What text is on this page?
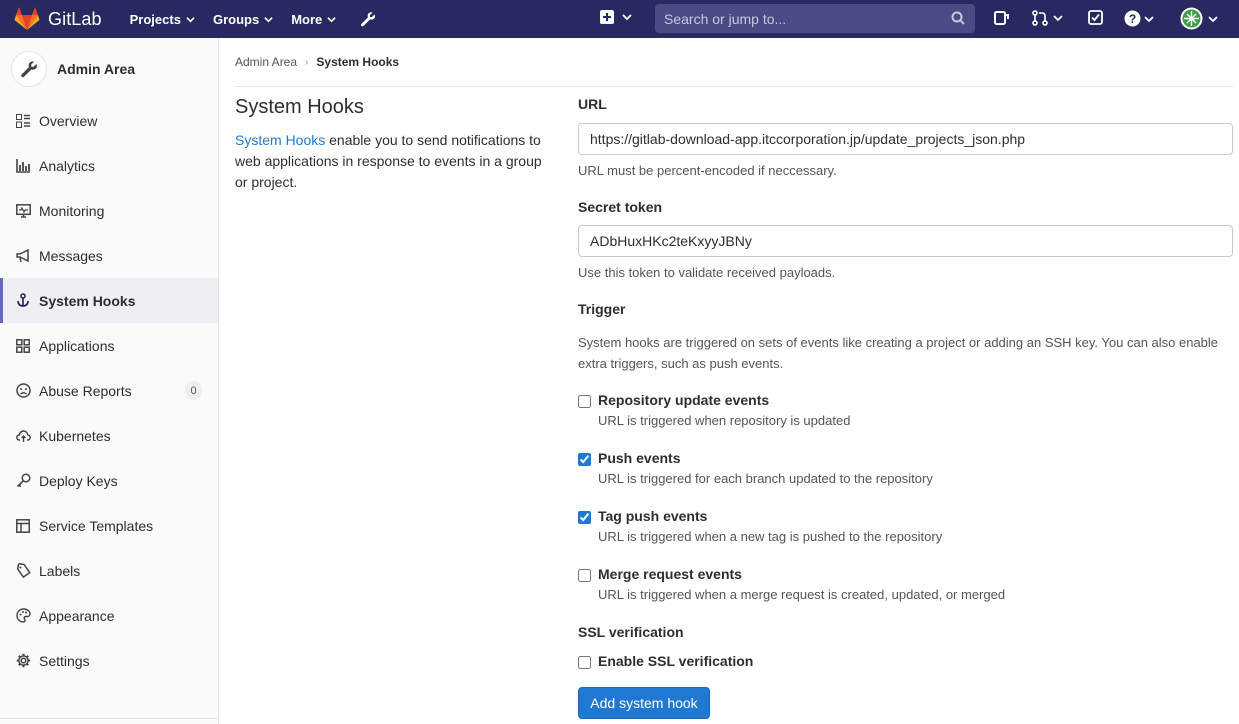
GitLab Projects Groups More
Search or jump to...	?
Admin Area
Overview
Analytics
Monitoring
Messages
System Hooks
Applications
Abuse Reports	0
Kubernetes
Deploy Keys
Service Templates
Labels
Appearance
Settings
Admin Area › System Hooks
System Hooks
System Hooks enable you to send notifications to web applications in response to events in a group or project.
URL
https://gitlab-download-app.itccorporation.jp/update_projects_json.php
URL must be percent-encoded if neccessary.
Secret token
ADbHuxHKc2teKxyyJBNy
Use this token to validate received payloads.
Trigger
System hooks are triggered on sets of events like creating a project or adding an SSH key. You can also enable extra triggers, such as push events.
Repository update events
URL is triggered when repository is updated
Push events
URL is triggered for each branch updated to the repository
Tag push events
URL is triggered when a new tag is pushed to the repository
Merge request events
URL is triggered when a merge request is created, updated, or merged
SSL verification
Enable SSL verification
Add system hook
